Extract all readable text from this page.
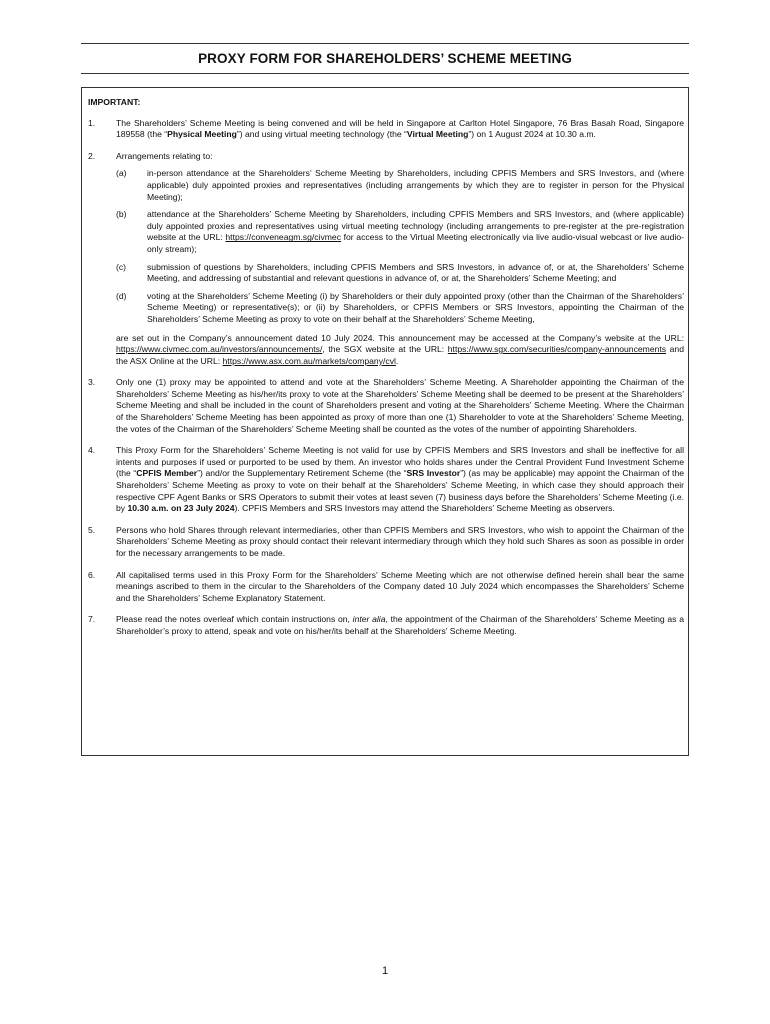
PROXY FORM FOR SHAREHOLDERS’ SCHEME MEETING
IMPORTANT:
1.	The Shareholders’ Scheme Meeting is being convened and will be held in Singapore at Carlton Hotel Singapore, 76 Bras Basah Road, Singapore 189558 (the “Physical Meeting”) and using virtual meeting technology (the “Virtual Meeting”) on 1 August 2024 at 10.30 a.m.
2.	Arrangements relating to:
(a)	in-person attendance at the Shareholders’ Scheme Meeting by Shareholders, including CPFIS Members and SRS Investors, and (where applicable) duly appointed proxies and representatives (including arrangements by which they are to register in person for the Physical Meeting);
(b)	attendance at the Shareholders’ Scheme Meeting by Shareholders, including CPFIS Members and SRS Investors, and (where applicable) duly appointed proxies and representatives using virtual meeting technology (including arrangements to pre-register at the pre-registration website at the URL: https://conveneagm.sg/civmec for access to the Virtual Meeting electronically via live audio-visual webcast or live audio-only stream);
(c)	submission of questions by Shareholders, including CPFIS Members and SRS Investors, in advance of, or at, the Shareholders’ Scheme Meeting, and addressing of substantial and relevant questions in advance of, or at, the Shareholders’ Scheme Meeting; and
(d)	voting at the Shareholders’ Scheme Meeting (i) by Shareholders or their duly appointed proxy (other than the Chairman of the Shareholders’ Scheme Meeting) or representative(s); or (ii) by Shareholders, or CPFIS Members or SRS Investors, appointing the Chairman of the Shareholders’ Scheme Meeting as proxy to vote on their behalf at the Shareholders’ Scheme Meeting,
are set out in the Company’s announcement dated 10 July 2024. This announcement may be accessed at the Company’s website at the URL: https://www.civmec.com.au/investors/announcements/, the SGX website at the URL: https://www.sgx.com/securities/company-announcements and the ASX Online at the URL: https://www.asx.com.au/markets/company/cvl.
3.	Only one (1) proxy may be appointed to attend and vote at the Shareholders’ Scheme Meeting. A Shareholder appointing the Chairman of the Shareholders’ Scheme Meeting as his/her/its proxy to vote at the Shareholders’ Scheme Meeting shall be deemed to be present at the Shareholders’ Scheme Meeting and shall be included in the count of Shareholders present and voting at the Shareholders’ Scheme Meeting. Where the Chairman of the Shareholders’ Scheme Meeting has been appointed as proxy of more than one (1) Shareholder to vote at the Shareholders’ Scheme Meeting, the votes of the Chairman of the Shareholders’ Scheme Meeting shall be counted as the votes of the number of appointing Shareholders.
4.	This Proxy Form for the Shareholders’ Scheme Meeting is not valid for use by CPFIS Members and SRS Investors and shall be ineffective for all intents and purposes if used or purported to be used by them. An investor who holds shares under the Central Provident Fund Investment Scheme (the “CPFIS Member”) and/or the Supplementary Retirement Scheme (the “SRS Investor”) (as may be applicable) may appoint the Chairman of the Shareholders’ Scheme Meeting as proxy to vote on their behalf at the Shareholders’ Scheme Meeting, in which case they should approach their respective CPF Agent Banks or SRS Operators to submit their votes at least seven (7) business days before the Shareholders’ Scheme Meeting (i.e. by 10.30 a.m. on 23 July 2024). CPFIS Members and SRS Investors may attend the Shareholders’ Scheme Meeting as observers.
5.	Persons who hold Shares through relevant intermediaries, other than CPFIS Members and SRS Investors, who wish to appoint the Chairman of the Shareholders’ Scheme Meeting as proxy should contact their relevant intermediary through which they hold such Shares as soon as possible in order for the necessary arrangements to be made.
6.	All capitalised terms used in this Proxy Form for the Shareholders’ Scheme Meeting which are not otherwise defined herein shall bear the same meanings ascribed to them in the circular to the Shareholders of the Company dated 10 July 2024 which encompasses the Shareholders’ Scheme and the Shareholders’ Scheme Explanatory Statement.
7.	Please read the notes overleaf which contain instructions on, inter alia, the appointment of the Chairman of the Shareholders’ Scheme Meeting as a Shareholder’s proxy to attend, speak and vote on his/her/its behalf at the Shareholders’ Scheme Meeting.
1
